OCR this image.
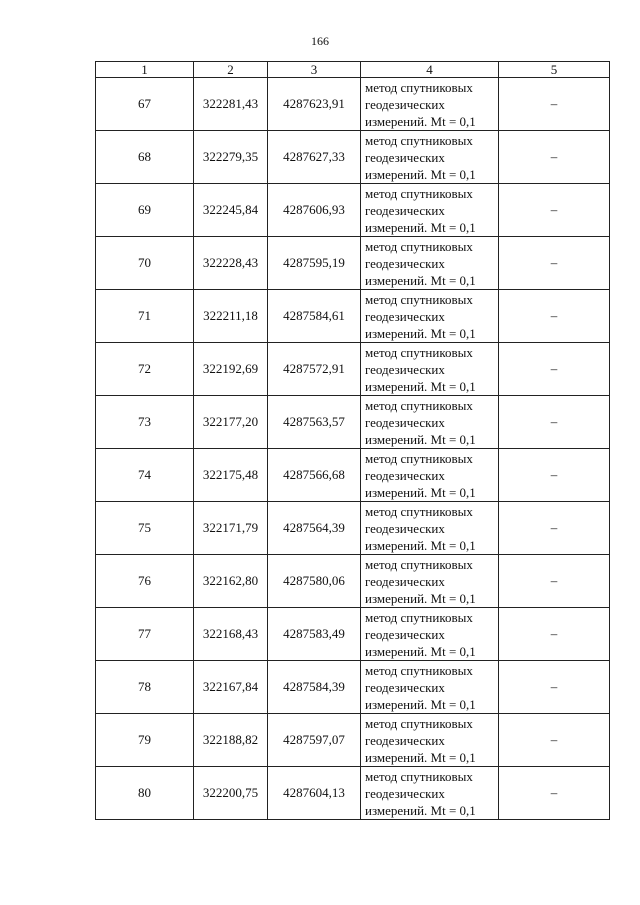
166
1	2	3	4	5
67	322281,43	4287623,91	метод спутниковых
геодезических
измерений. Mt = 0,1	–
68	322279,35	4287627,33	метод спутниковых
геодезических
измерений. Mt = 0,1	–
69	322245,84	4287606,93	метод спутниковых
геодезических
измерений. Mt = 0,1	–
70	322228,43	4287595,19	метод спутниковых
геодезических
измерений. Mt = 0,1	–
71	322211,18	4287584,61	метод спутниковых
геодезических
измерений. Mt = 0,1	–
72	322192,69	4287572,91	метод спутниковых
геодезических
измерений. Mt = 0,1	–
73	322177,20	4287563,57	метод спутниковых
геодезических
измерений. Mt = 0,1	–
74	322175,48	4287566,68	метод спутниковых
геодезических
измерений. Mt = 0,1	–
75	322171,79	4287564,39	метод спутниковых
геодезических
измерений. Mt = 0,1	–
76	322162,80	4287580,06	метод спутниковых
геодезических
измерений. Mt = 0,1	–
77	322168,43	4287583,49	метод спутниковых
геодезических
измерений. Mt = 0,1	–
78	322167,84	4287584,39	метод спутниковых
геодезических
измерений. Mt = 0,1	–
79	322188,82	4287597,07	метод спутниковых
геодезических
измерений. Mt = 0,1	–
80	322200,75	4287604,13	метод спутниковых
геодезических
измерений. Mt = 0,1	–
